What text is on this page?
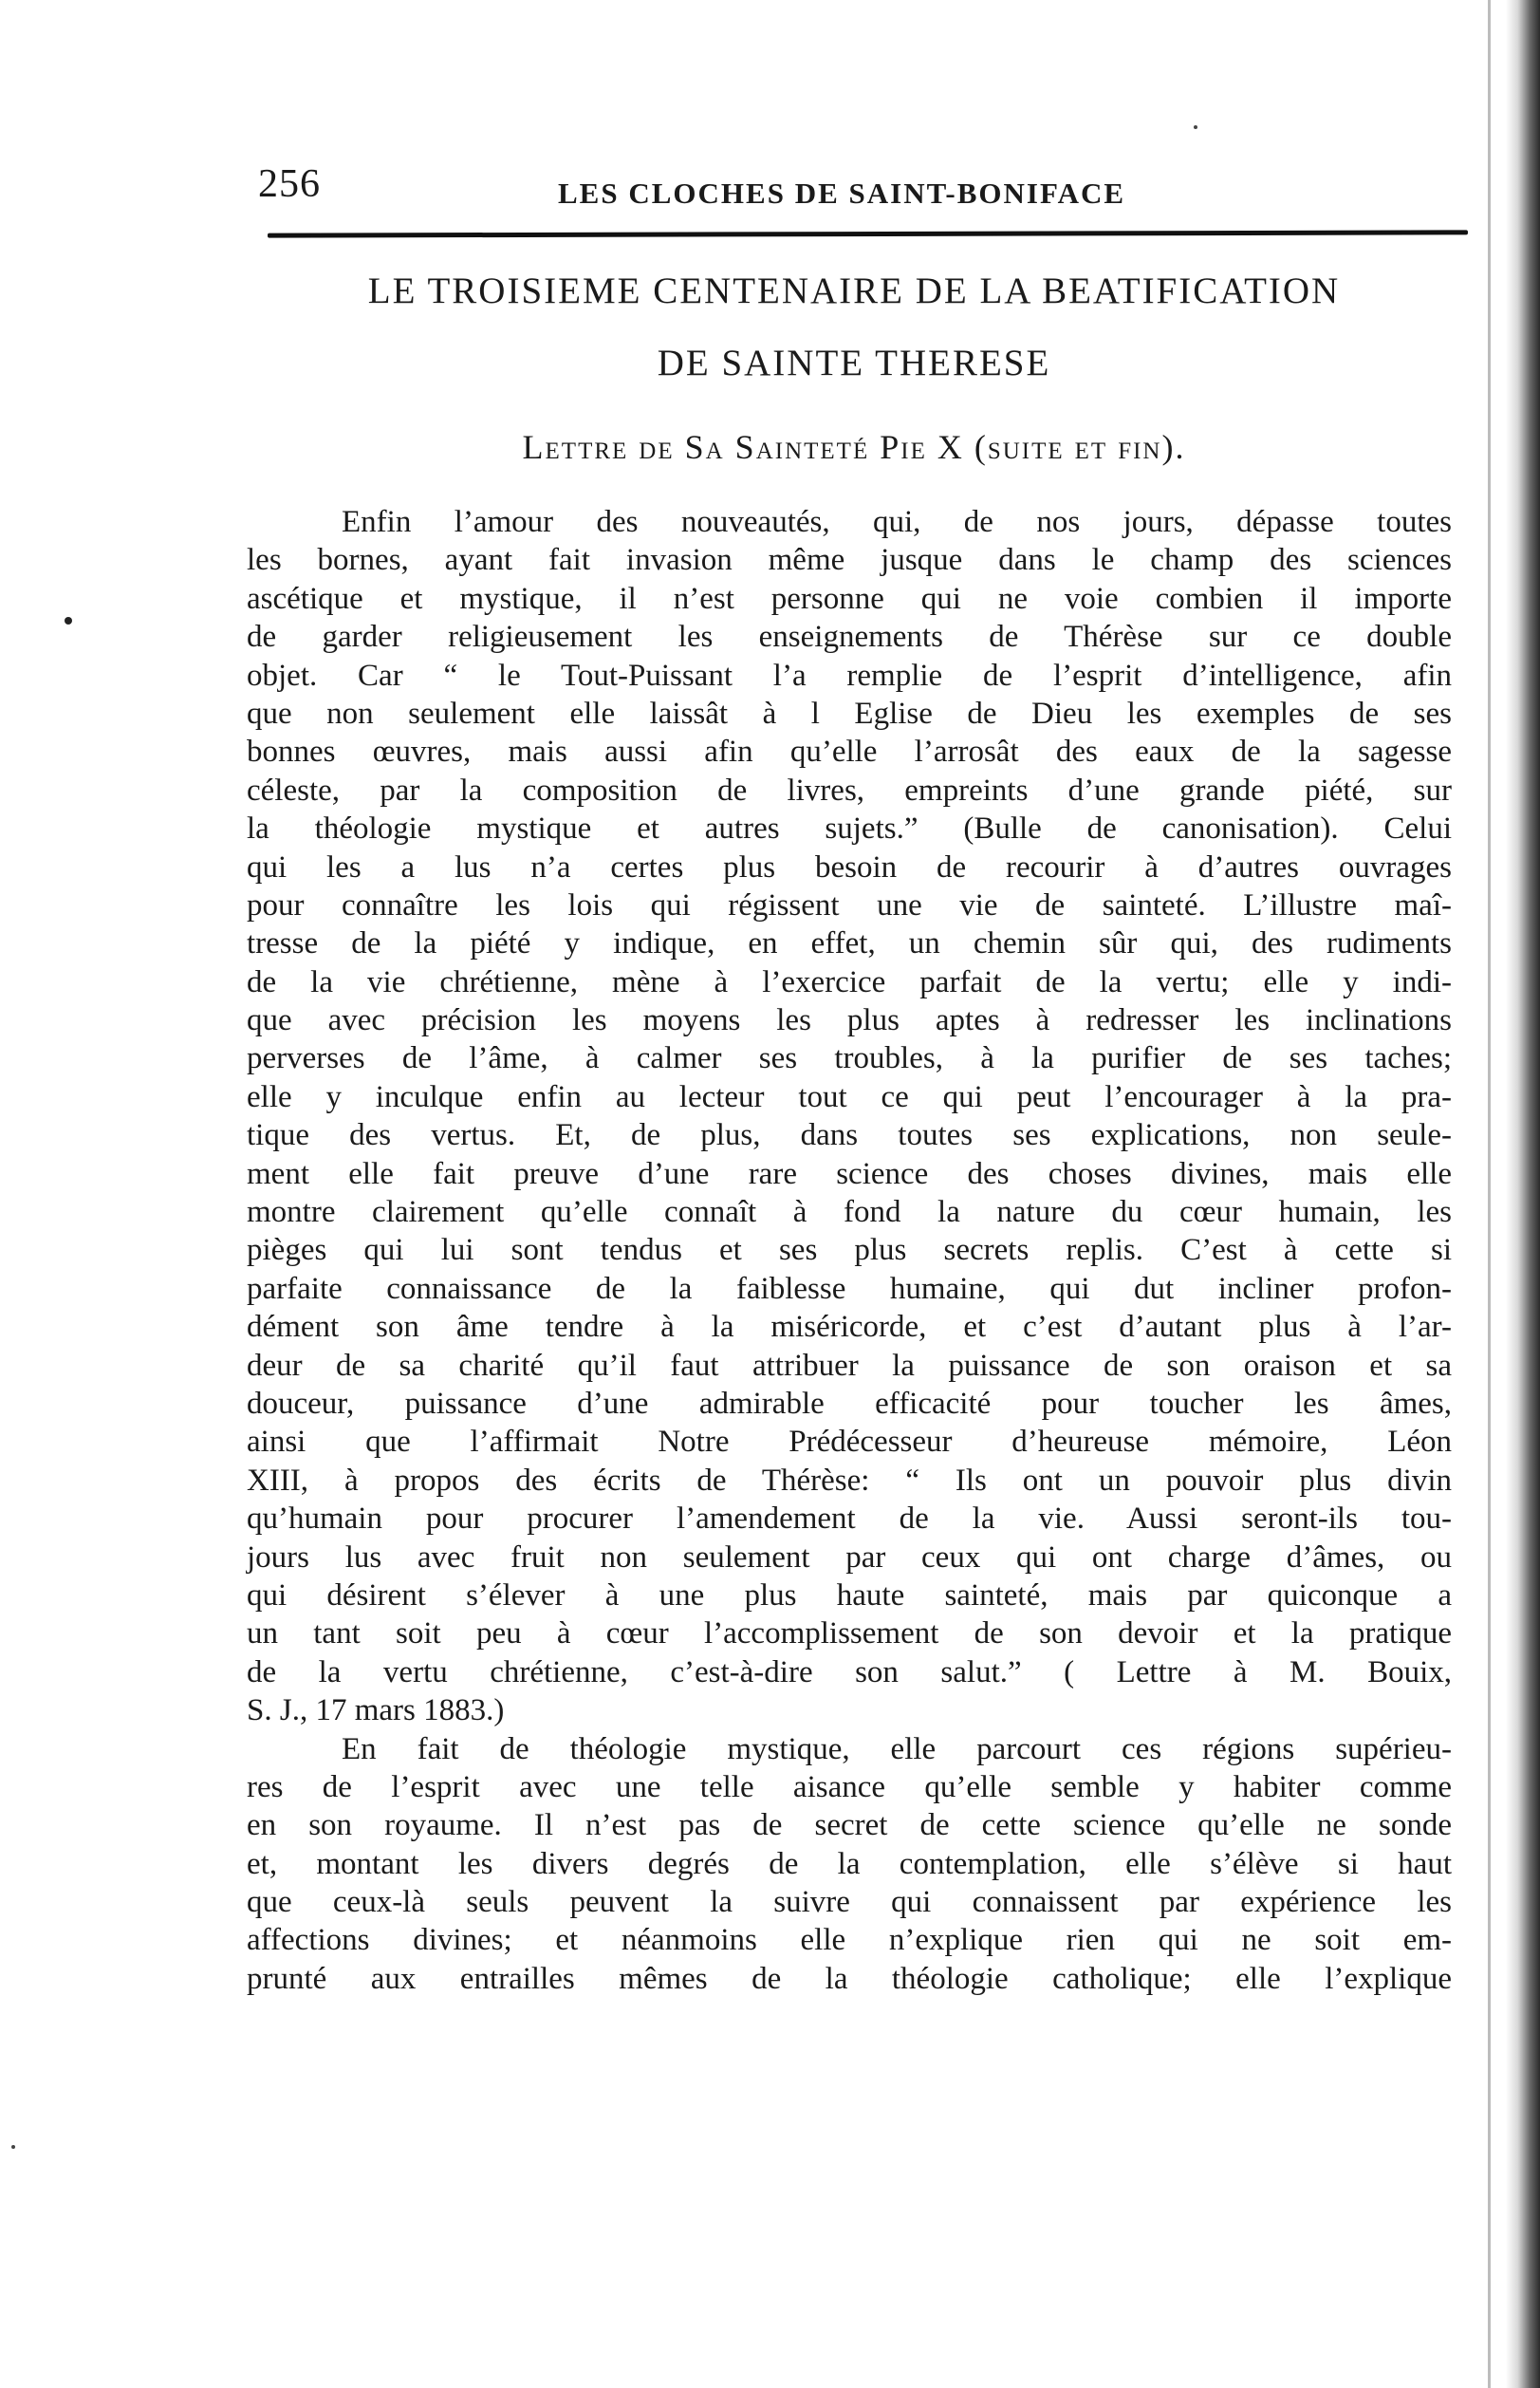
256	LES CLOCHES DE SAINT-BONIFACE
LE TROISIEME CENTENAIRE DE LA BEATIFICATION
DE SAINTE THERESE
Lettre de Sa Sainteté Pie X (suite et fin).
Enfin l’amour des nouveautés, qui, de nos jours, dépasse toutes
les bornes, ayant fait invasion même jusque dans le champ des sciences
ascétique et mystique, il n’est personne qui ne voie combien il importe
de garder religieusement les enseignements de Thérèse sur ce double
objet. Car “ le Tout-Puissant l’a remplie de l’esprit d’intelligence, afin
que non seulement elle laissât à l Eglise de Dieu les exemples de ses
bonnes œuvres, mais aussi afin qu’elle l’arrosât des eaux de la sagesse
céleste, par la composition de livres, empreints d’une grande piété, sur
la théologie mystique et autres sujets.” (Bulle de canonisation). Celui
qui les a lus n’a certes plus besoin de recourir à d’autres ouvrages
pour connaître les lois qui régissent une vie de sainteté. L’illustre maî-
tresse de la piété y indique, en effet, un chemin sûr qui, des rudiments
de la vie chrétienne, mène à l’exercice parfait de la vertu; elle y indi-
que avec précision les moyens les plus aptes à redresser les inclinations
perverses de l’âme, à calmer ses troubles, à la purifier de ses taches;
elle y inculque enfin au lecteur tout ce qui peut l’encourager à la pra-
tique des vertus. Et, de plus, dans toutes ses explications, non seule-
ment elle fait preuve d’une rare science des choses divines, mais elle
montre clairement qu’elle connaît à fond la nature du cœur humain, les
pièges qui lui sont tendus et ses plus secrets replis. C’est à cette si
parfaite connaissance de la faiblesse humaine, qui dut incliner profon-
dément son âme tendre à la miséricorde, et c’est d’autant plus à l’ar-
deur de sa charité qu’il faut attribuer la puissance de son oraison et sa
douceur, puissance d’une admirable efficacité pour toucher les âmes,
ainsi que l’affirmait Notre Prédécesseur d’heureuse mémoire, Léon
XIII, à propos des écrits de Thérèse: “ Ils ont un pouvoir plus divin
qu’humain pour procurer l’amendement de la vie. Aussi seront-ils tou-
jours lus avec fruit non seulement par ceux qui ont charge d’âmes, ou
qui désirent s’élever à une plus haute sainteté, mais par quiconque a
un tant soit peu à cœur l’accomplissement de son devoir et la pratique
de la vertu chrétienne, c’est-à-dire son salut.” ( Lettre à M. Bouix,
S. J., 17 mars 1883.)
En fait de théologie mystique, elle parcourt ces régions supérieu-
res de l’esprit avec une telle aisance qu’elle semble y habiter comme
en son royaume. Il n’est pas de secret de cette science qu’elle ne sonde
et, montant les divers degrés de la contemplation, elle s’élève si haut
que ceux-là seuls peuvent la suivre qui connaissent par expérience les
affections divines; et néanmoins elle n’explique rien qui ne soit em-
prunté aux entrailles mêmes de la théologie catholique; elle l’explique
